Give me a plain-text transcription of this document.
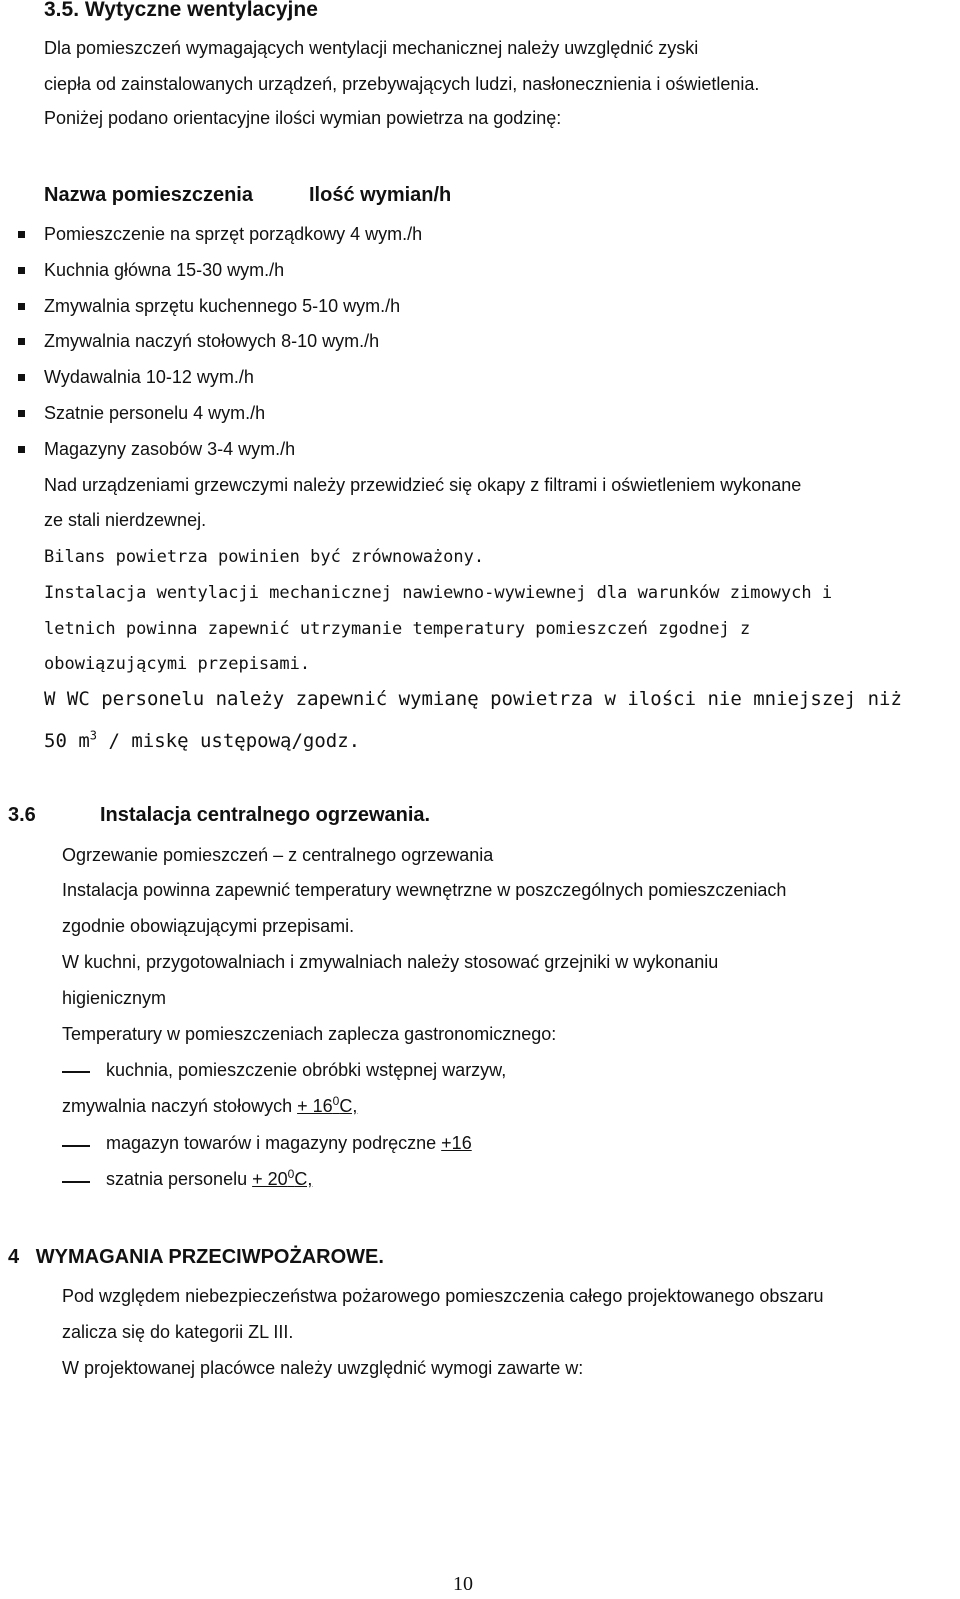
3.5. Wytyczne wentylacyjne
Dla pomieszczeń wymagających wentylacji mechanicznej należy uwzględnić zyski
ciepła od zainstalowanych urządzeń, przebywających ludzi, nasłonecznienia i oświetlenia.
Poniżej podano orientacyjne ilości wymian powietrza na godzinę:
Nazwa pomieszczenia	Ilość wymian/h
Pomieszczenie na sprzęt porządkowy 4 wym./h
Kuchnia główna 15-30 wym./h
Zmywalnia sprzętu kuchennego 5-10 wym./h
Zmywalnia naczyń stołowych 8-10 wym./h
Wydawalnia 10-12 wym./h
Szatnie personelu 4 wym./h
Magazyny zasobów 3-4 wym./h
Nad urządzeniami grzewczymi należy przewidzieć się okapy z filtrami i oświetleniem wykonane
ze stali nierdzewnej.
Bilans powietrza powinien być zrównoważony.
Instalacja wentylacji mechanicznej nawiewno-wywiewnej dla warunków zimowych i
letnich powinna zapewnić utrzymanie temperatury pomieszczeń zgodnej z
obowiązującymi przepisami.
W WC personelu należy zapewnić wymianę powietrza w ilości nie mniejszej niż
50 $m^3$ / miskę ustępową/godz.
3.6	Instalacja centralnego ogrzewania.
Ogrzewanie pomieszczeń – z centralnego ogrzewania
Instalacja powinna zapewnić temperatury wewnętrzne w poszczególnych pomieszczeniach
zgodnie obowiązującymi przepisami.
W kuchni, przygotowalniach i zmywalniach należy stosować grzejniki w wykonaniu
higienicznym
Temperatury w pomieszczeniach zaplecza gastronomicznego:
kuchnia, pomieszczenie obróbki wstępnej warzyw,
zmywalnia naczyń stołowych + $16^0C$,
magazyn towarów i magazyny podręczne +16
szatnia personelu + $20^0C$,
4   WYMAGANIA PRZECIWPOŻAROWE.
Pod względem niebezpieczeństwa pożarowego pomieszczenia całego projektowanego obszaru
zalicza się do kategorii ZL III.
W projektowanej placówce należy uwzględnić wymogi zawarte w:
10
